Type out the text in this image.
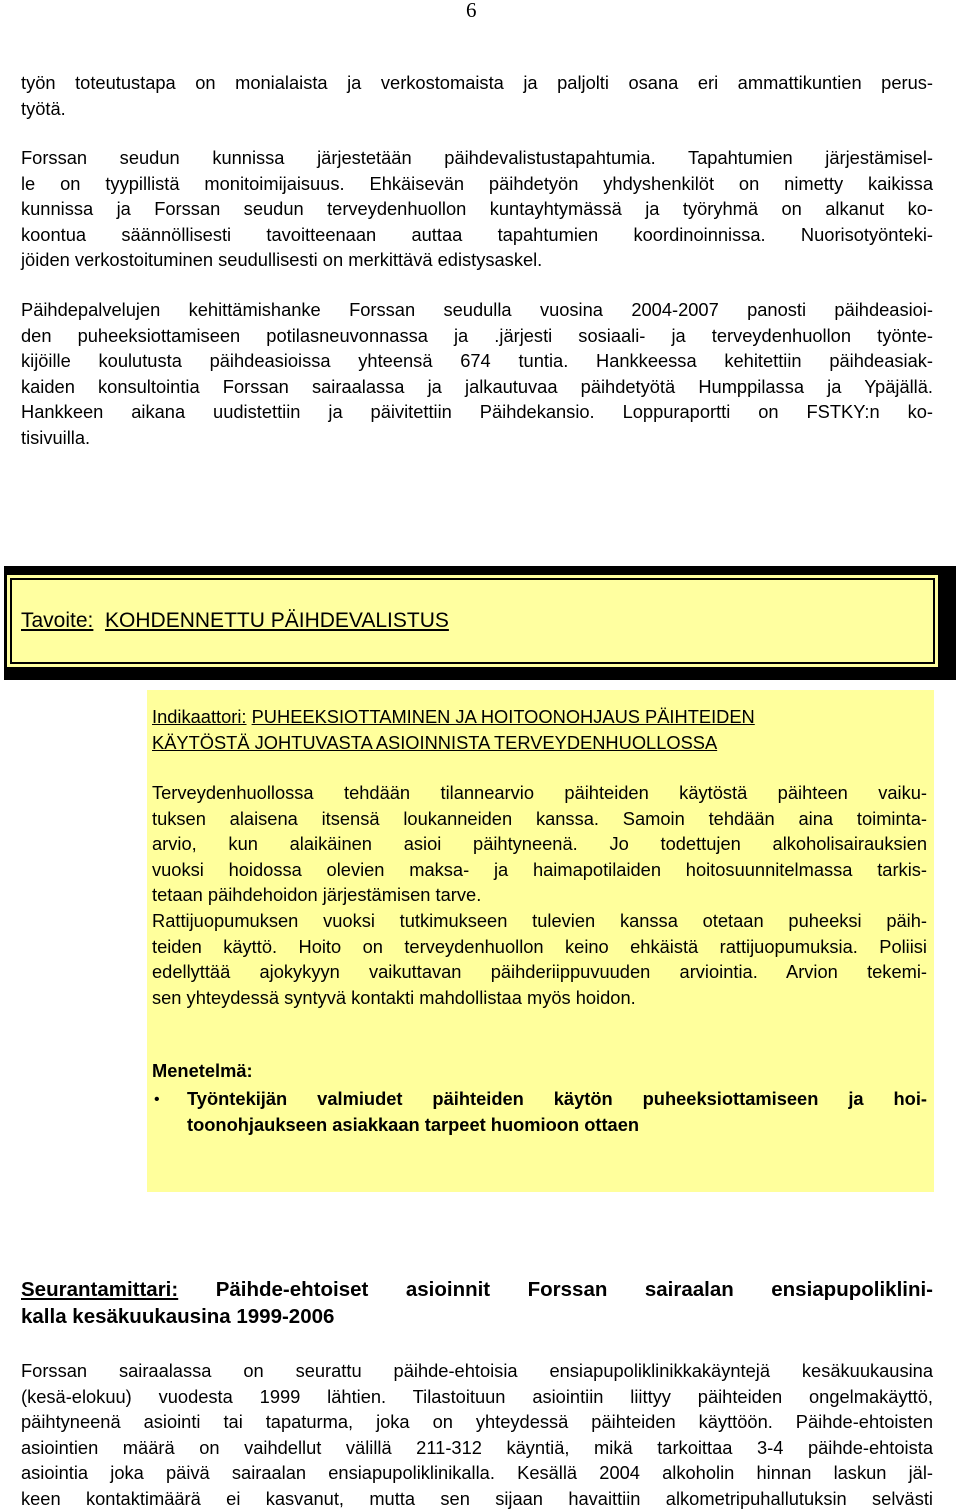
6
työn toteutustapa on monialaista ja verkostomaista ja paljolti osana eri ammattikuntien perus-
työtä.
Forssan seudun kunnissa järjestetään päihdevalistustapahtumia. Tapahtumien järjestämisel-
le on tyypillistä monitoimijaisuus. Ehkäisevän päihdetyön yhdyshenkilöt on nimetty kaikissa
kunnissa ja Forssan seudun terveydenhuollon kuntayhtymässä ja työryhmä on alkanut ko-
koontua säännöllisesti tavoitteenaan auttaa tapahtumien koordinoinnissa. Nuorisotyönteki-
jöiden verkostoituminen seudullisesti on merkittävä edistysaskel.
Päihdepalvelujen kehittämishanke Forssan seudulla vuosina 2004-2007 panosti päihdeasioi-
den puheeksiottamiseen potilasneuvonnassa ja .järjesti sosiaali- ja terveydenhuollon työnte-
kijöille koulutusta päihdeasioissa yhteensä 674 tuntia. Hankkeessa kehitettiin päihdeasiak-
kaiden konsultointia Forssan sairaalassa ja jalkautuvaa päihdetyötä Humppilassa ja Ypäjällä.
Hankkeen aikana uudistettiin ja päivitettiin Päihdekansio. Loppuraportti on FSTKY:n ko-
tisivuilla.
Tavoite: KOHDENNETTU PÄIHDEVALISTUS
Indikaattori: PUHEEKSIOTTAMINEN JA HOITOONOHJAUS PÄIHTEIDEN
KÄYTÖSTÄ JOHTUVASTA ASIOINNISTA TERVEYDENHUOLLOSSA
Terveydenhuollossa tehdään tilannearvio päihteiden käytöstä päihteen vaiku-
tuksen alaisena itsensä loukanneiden kanssa. Samoin tehdään aina toiminta-
arvio, kun alaikäinen asioi päihtyneenä. Jo todettujen alkoholisairauksien
vuoksi hoidossa olevien maksa- ja haimapotilaiden hoitosuunnitelmassa tarkis-
tetaan päihdehoidon järjestämisen tarve.
Rattijuopumuksen vuoksi tutkimukseen tulevien kanssa otetaan puheeksi päih-
teiden käyttö. Hoito on terveydenhuollon keino ehkäistä rattijuopumuksia. Poliisi
edellyttää ajokykyyn vaikuttavan päihderiippuvuuden arviointia. Arvion tekemi-
sen yhteydessä syntyvä kontakti mahdollistaa myös hoidon.
Menetelmä:
• Työntekijän valmiudet päihteiden käytön puheeksiottamiseen ja hoi-
toonohjaukseen asiakkaan tarpeet huomioon ottaen
Seurantamittari: Päihde-ehtoiset asioinnit Forssan sairaalan ensiapupoliklini-
kalla kesäkuukausina 1999-2006
Forssan sairaalassa on seurattu päihde-ehtoisia ensiapupoliklinikkakäyntejä kesäkuukausina
(kesä-elokuu) vuodesta 1999 lähtien. Tilastoituun asiointiin liittyy päihteiden ongelmakäyttö,
päihtyneenä asiointi tai tapaturma, joka on yhteydessä päihteiden käyttöön. Päihde-ehtoisten
asiointien määrä on vaihdellut välillä 211-312 käyntiä, mikä tarkoittaa 3-4 päihde-ehtoista
asiointia joka päivä sairaalan ensiapupoliklinikalla. Kesällä 2004 alkoholin hinnan laskun jäl-
keen kontaktimäärä ei kasvanut, mutta sen sijaan havaittiin alkometripuhallutuksin selvästi
